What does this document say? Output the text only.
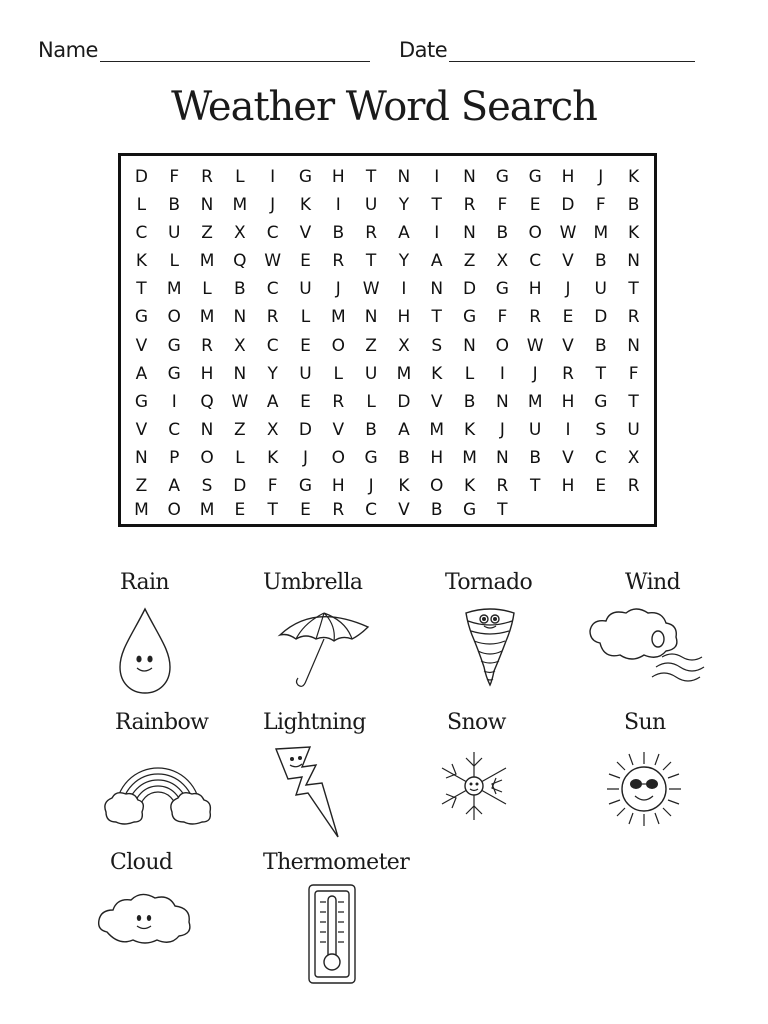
Name	Date
Weather Word Search
D	F	R	L	I	G	H	T	N	I	N	G	G	H	J	K
L	B	N	M	J	K	I	U	Y	T	R	F	E	D	F	B
C	U	Z	X	C	V	B	R	A	I	N	B	O	W	M	K
K	L	M	Q	W	E	R	T	Y	A	Z	X	C	V	B	N
T	M	L	B	C	U	J	W	I	N	D	G	H	J	U	T
G	O	M	N	R	L	M	N	H	T	G	F	R	E	D	R
V	G	R	X	C	E	O	Z	X	S	N	O	W	V	B	N
A	G	H	N	Y	U	L	U	M	K	L	I	J	R	T	F
G	I	Q	W	A	E	R	L	D	V	B	N	M	H	G	T
V	C	N	Z	X	D	V	B	A	M	K	J	U	I	S	U
N	P	O	L	K	J	O	G	B	H	M	N	B	V	C	X
Z	A	S	D	F	G	H	J	K	O	K	R	T	H	E	R
M	O	M	E	T	E	R	C	V	B	G	T
Rain	Umbrella	Tornado	Wind
Rainbow Lightning	Snow	Sun
Cloud	Thermometer
